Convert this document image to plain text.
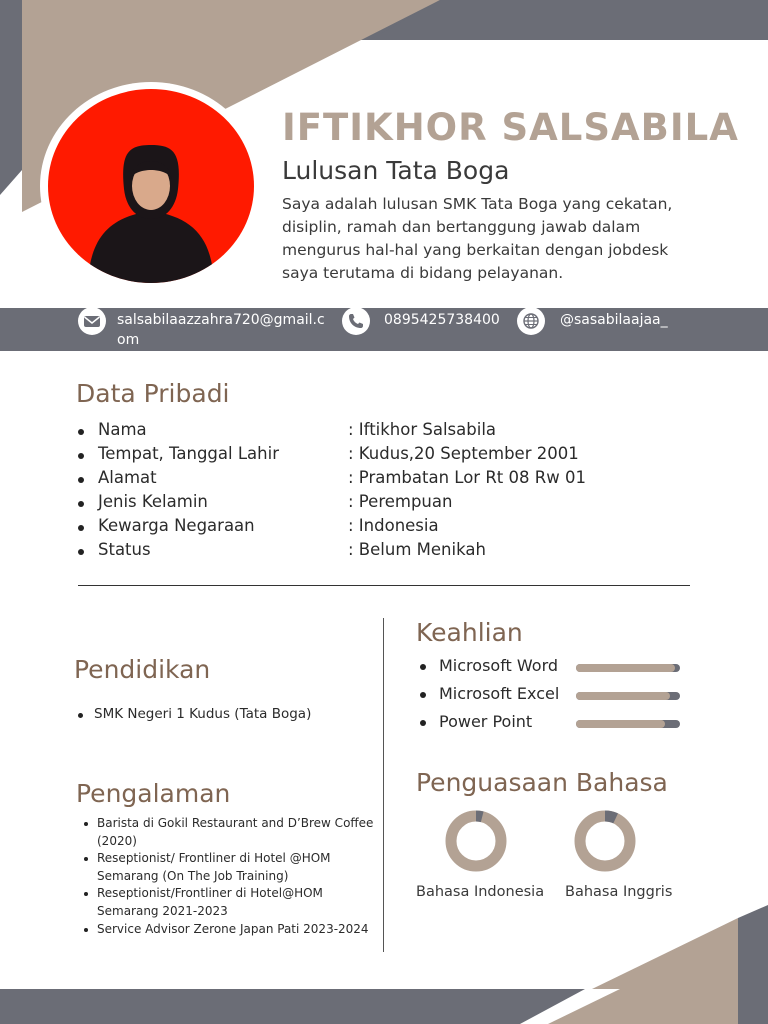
IFTIKHOR SALSABILA
Lulusan Tata Boga
Saya adalah lulusan SMK Tata Boga yang cekatan, disiplin, ramah dan bertanggung jawab dalam mengurus hal-hal yang berkaitan dengan jobdesk saya terutama di bidang pelayanan.
salsabilaazzahra720@gmail.c
om
0895425738400	@sasabilaajaa_
Data Pribadi
Nama	: Iftikhor Salsabila
Tempat, Tanggal Lahir	: Kudus,20 September 2001
Alamat	: Prambatan Lor Rt 08 Rw 01
Jenis Kelamin	: Perempuan
Kewarga Negaraan	: Indonesia
Status	: Belum Menikah
Pendidikan
SMK Negeri 1 Kudus (Tata Boga)
Pengalaman
Barista di Gokil Restaurant and D’Brew Coffee (2020)
Reseptionist/ Frontliner di Hotel @HOM Semarang (On The Job Training)
Reseptionist/Frontliner di Hotel@HOM Semarang 2021-2023
Service Advisor Zerone Japan Pati 2023-2024
Keahlian
Microsoft Word
Microsoft Excel
Power Point
Penguasaan Bahasa
Bahasa Indonesia Bahasa Inggris
